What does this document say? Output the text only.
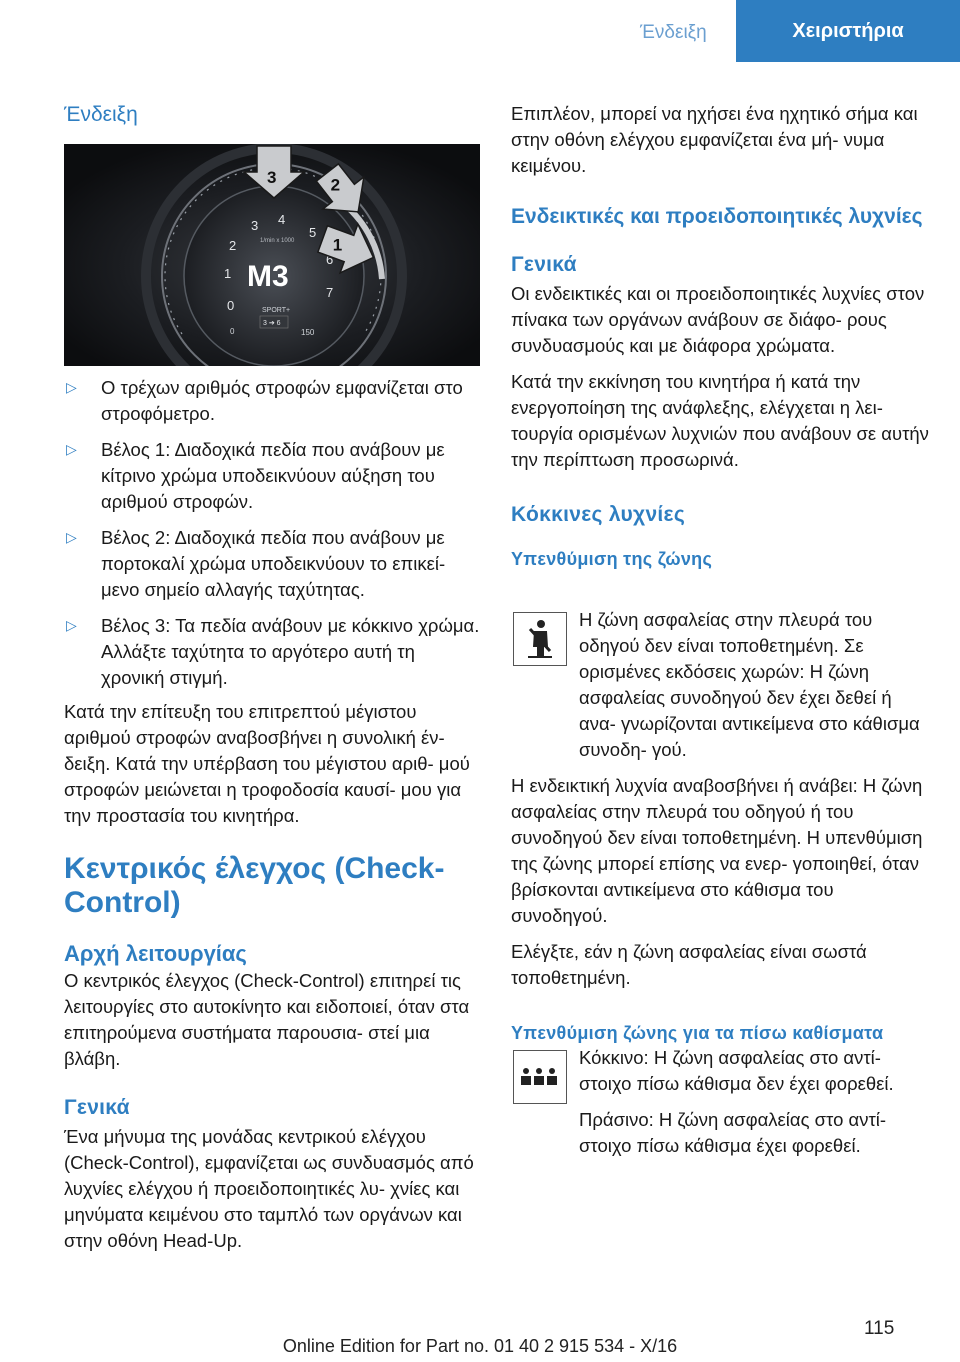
Ένδειξη	Χειριστήρια

Ένδειξη

0
1
2
3 4
5
6
7
1/min x 1000
M3
SPORT+
3 ➔ 6
150
0
3	2
1
▷ Ο τρέχων αριθμός στροφών εμφανίζεται στο στροφόμετρο.

▷ Βέλος 1: Διαδοχικά πεδία που ανάβουν με κίτρινο χρώμα υποδεικνύουν αύξηση του αριθμού στροφών.

▷ Βέλος 2: Διαδοχικά πεδία που ανάβουν με πορτοκαλί χρώμα υποδεικνύουν το επικεί- μενο σημείο αλλαγής ταχύτητας.

▷ Βέλος 3: Τα πεδία ανάβουν με κόκκινο χρώμα. Αλλάξτε ταχύτητα το αργότερο αυτή τη χρονική στιγμή.

Κατά την επίτευξη του επιτρεπτού μέγιστου αριθμού στροφών αναβοσβήνει η συνολική έν- δειξη. Κατά την υπέρβαση του μέγιστου αριθ- μού στροφών μειώνεται η τροφοδοσία καυσί- μου για την προστασία του κινητήρα.

Κεντρικός έλεγχος (Check- Control)

Αρχή λειτουργίας

Ο κεντρικός έλεγχος (Check-Control) επιτηρεί τις λειτουργίες στο αυτοκίνητο και ειδοποιεί, όταν στα επιτηρούμενα συστήματα παρουσια- στεί μια βλάβη.

Γενικά

Ένα μήνυμα της μονάδας κεντρικού ελέγχου (Check-Control), εμφανίζεται ως συνδυασμός από λυχνίες ελέγχου ή προειδοποιητικές λυ- χνίες και μηνύματα κειμένου στο ταμπλό των οργάνων και στην οθόνη Head-Up.

Επιπλέον, μπορεί να ηχήσει ένα ηχητικό σήμα και στην οθόνη ελέγχου εμφανίζεται ένα μή- νυμα κειμένου.

Ενδεικτικές και προειδοποιητικές λυχνίες

Γενικά

Οι ενδεικτικές και οι προειδοποιητικές λυχνίες στον πίνακα των οργάνων ανάβουν σε διάφο- ρους συνδυασμούς και με διάφορα χρώματα.

Κατά την εκκίνηση του κινητήρα ή κατά την ενεργοποίηση της ανάφλεξης, ελέγχεται η λει- τουργία ορισμένων λυχνιών που ανάβουν σε αυτήν την περίπτωση προσωρινά.

Κόκκινες λυχνίες

Υπενθύμιση της ζώνης

Η ζώνη ασφαλείας στην πλευρά του οδηγού δεν είναι τοποθετημένη. Σε ορισμένες εκδόσεις χωρών: Η ζώνη ασφαλείας συνοδηγού δεν έχει δεθεί ή ανα- γνωρίζονται αντικείμενα στο κάθισμα συνοδη- γού.

Η ενδεικτική λυχνία αναβοσβήνει ή ανάβει: Η ζώνη ασφαλείας στην πλευρά του οδηγού ή του συνοδηγού δεν είναι τοποθετημένη. Η υπενθύμιση της ζώνης μπορεί επίσης να ενερ- γοποιηθεί, όταν βρίσκονται αντικείμενα στο κάθισμα του συνοδηγού.

Ελέγξτε, εάν η ζώνη ασφαλείας είναι σωστά τοποθετημένη.

Υπενθύμιση ζώνης για τα πίσω καθίσματα

Κόκκινο: Η ζώνη ασφαλείας στο αντί- στοιχο πίσω κάθισμα δεν έχει φορεθεί.

Πράσινο: Η ζώνη ασφαλείας στο αντί- στοιχο πίσω κάθισμα έχει φορεθεί.

115
Online Edition for Part no. 01 40 2 915 534 - X/16
